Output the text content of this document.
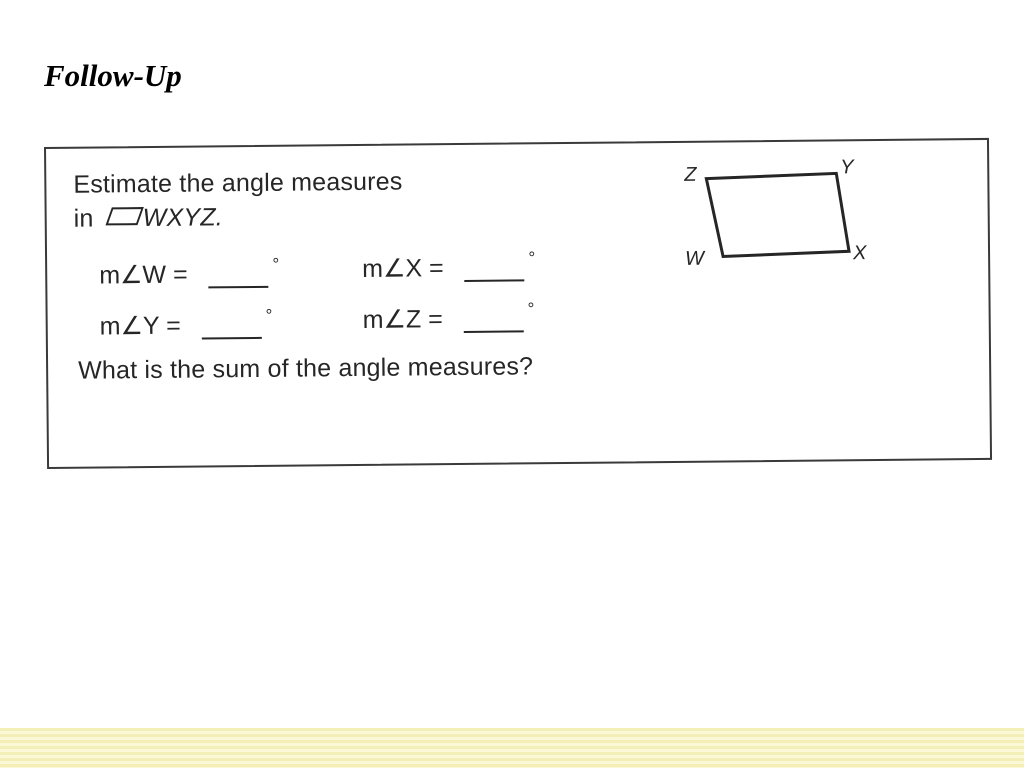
Follow-Up
Estimate the angle measures
in WXYZ.
m∠W =	°	m∠X =	°
m∠Y =	°	m∠Z =	°
What is the sum of the angle measures?
Z	Y
W	X
